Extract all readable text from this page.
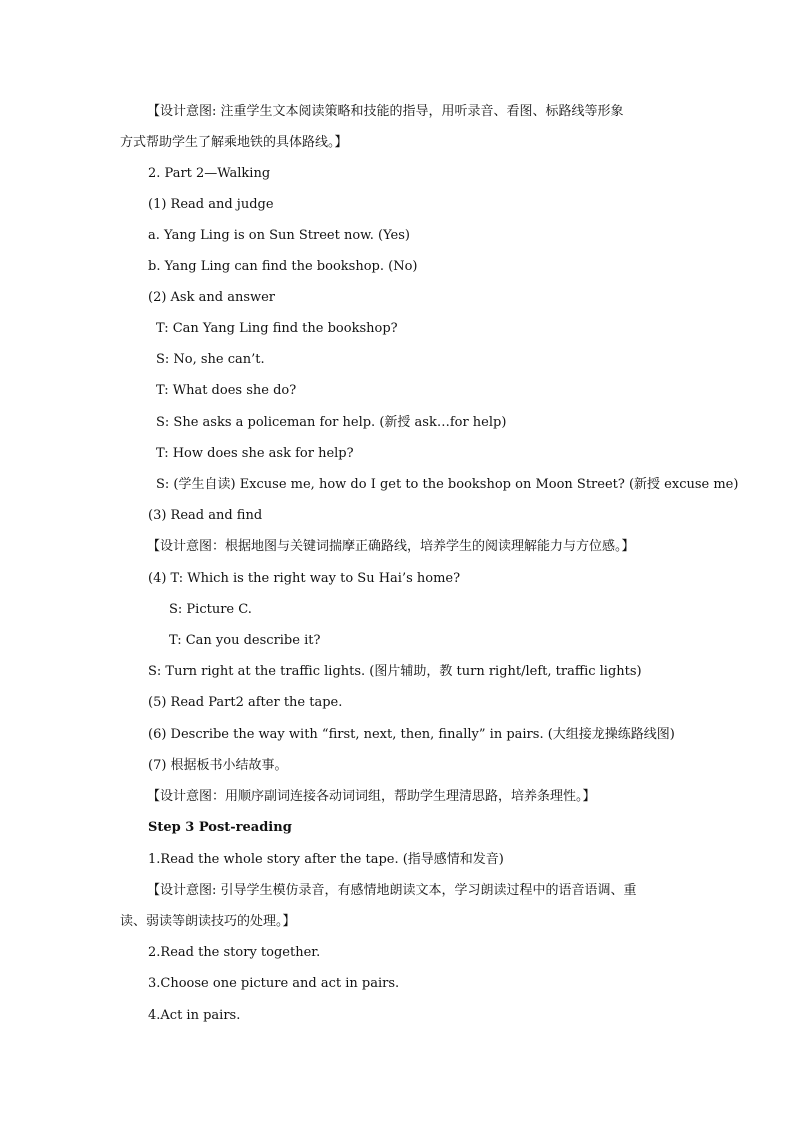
【设计意图: 注重学生文本阅读策略和技能的指导，用听录音、看图、标路线等形象
方式帮助学生了解乘地铁的具体路线。】
2. Part 2—Walking
(1) Read and judge
a. Yang Ling is on Sun Street now. (Yes)
b. Yang Ling can find the bookshop. (No)
(2) Ask and answer
T: Can Yang Ling find the bookshop?
S: No, she can’t.
T: What does she do?
S: She asks a policeman for help. (新授 ask…for help)
T: How does she ask for help?
S: (学生自读) Excuse me, how do I get to the bookshop on Moon Street? (新授 excuse me)
(3) Read and find
【设计意图：根据地图与关键词揣摩正确路线，培养学生的阅读理解能力与方位感。】
(4) T: Which is the right way to Su Hai’s home?
S: Picture C.
T: Can you describe it?
S: Turn right at the traffic lights. (图片辅助，教 turn right/left, traffic lights)
(5) Read Part2 after the tape.
(6) Describe the way with “first, next, then, finally” in pairs. (大组接龙操练路线图)
(7) 根据板书小结故事。
【设计意图：用顺序副词连接各动词词组，帮助学生理清思路，培养条理性。】
Step 3 Post-reading
1.Read the whole story after the tape. (指导感情和发音)
【设计意图: 引导学生模仿录音，有感情地朗读文本，学习朗读过程中的语音语调、重
读、弱读等朗读技巧的处理。】
2.Read the story together.
3.Choose one picture and act in pairs.
4.Act in pairs.
